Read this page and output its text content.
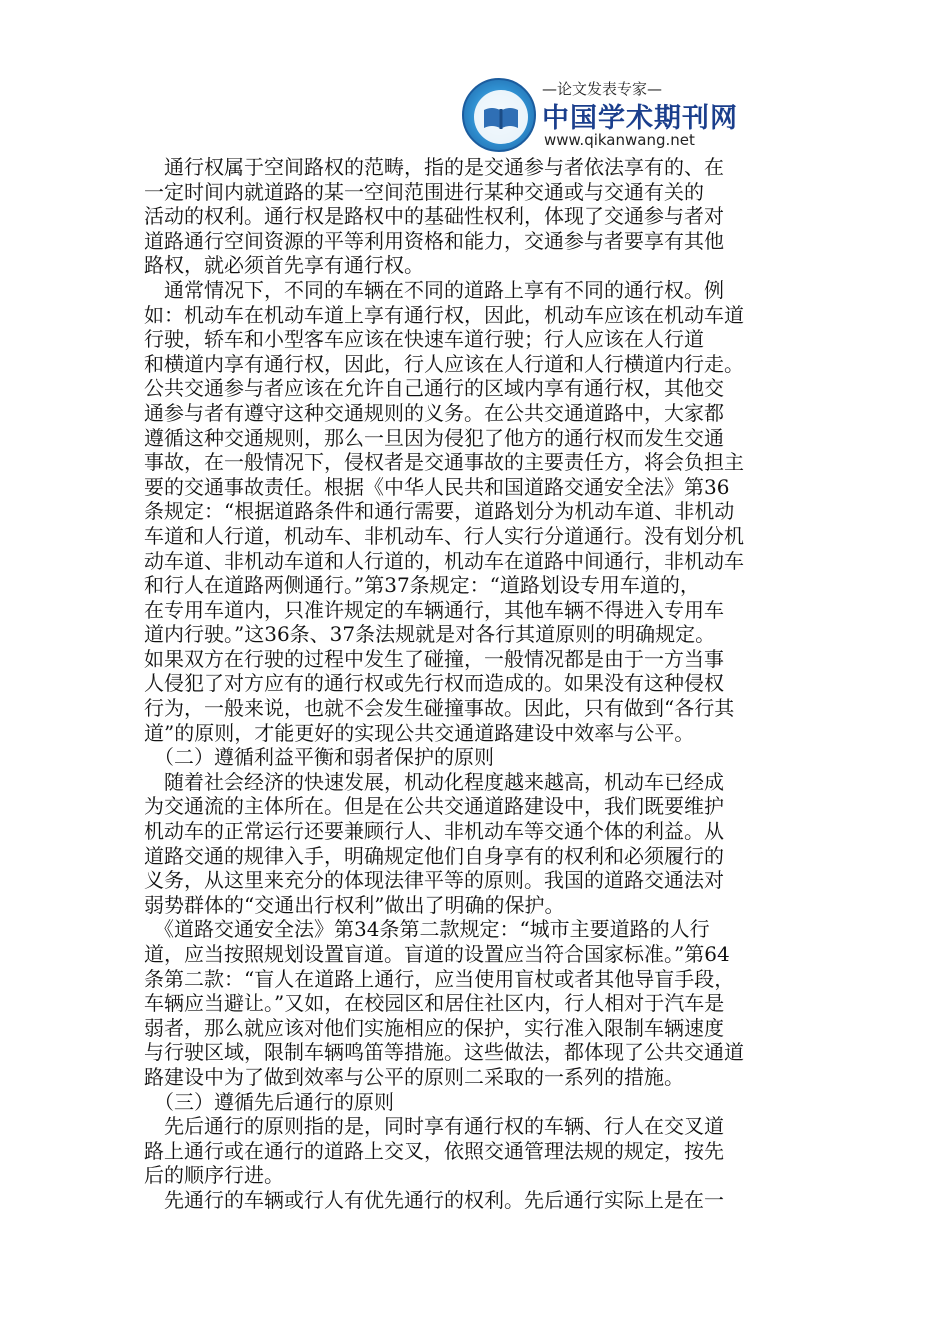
—论文发表专家—
中国学术期刊网
www.qikanwang.net
　通行权属于空间路权的范畴，指的是交通参与者依法享有的、在
一定时间内就道路的某一空间范围进行某种交通或与交通有关的
活动的权利。通行权是路权中的基础性权利，体现了交通参与者对
道路通行空间资源的平等利用资格和能力，交通参与者要享有其他
路权，就必须首先享有通行权。
　通常情况下，不同的车辆在不同的道路上享有不同的通行权。例
如：机动车在机动车道上享有通行权，因此，机动车应该在机动车道
行驶，轿车和小型客车应该在快速车道行驶；行人应该在人行道
和横道内享有通行权，因此，行人应该在人行道和人行横道内行走。
公共交通参与者应该在允许自己通行的区域内享有通行权，其他交
通参与者有遵守这种交通规则的义务。在公共交通道路中，大家都
遵循这种交通规则，那么一旦因为侵犯了他方的通行权而发生交通
事故，在一般情况下，侵权者是交通事故的主要责任方，将会负担主
要的交通事故责任。根据《中华人民共和国道路交通安全法》第36
条规定：“根据道路条件和通行需要，道路划分为机动车道、非机动
车道和人行道，机动车、非机动车、行人实行分道通行。没有划分机
动车道、非机动车道和人行道的，机动车在道路中间通行，非机动车
和行人在道路两侧通行。”第37条规定：“道路划设专用车道的，
在专用车道内，只准许规定的车辆通行，其他车辆不得进入专用车
道内行驶。”这36条、37条法规就是对各行其道原则的明确规定。
如果双方在行驶的过程中发生了碰撞，一般情况都是由于一方当事
人侵犯了对方应有的通行权或先行权而造成的。如果没有这种侵权
行为，一般来说，也就不会发生碰撞事故。因此，只有做到“各行其
道”的原则，才能更好的实现公共交通道路建设中效率与公平。
　（二）遵循利益平衡和弱者保护的原则
　随着社会经济的快速发展，机动化程度越来越高，机动车已经成
为交通流的主体所在。但是在公共交通道路建设中，我们既要维护
机动车的正常运行还要兼顾行人、非机动车等交通个体的利益。从
道路交通的规律入手，明确规定他们自身享有的权利和必须履行的
义务，从这里来充分的体现法律平等的原则。我国的道路交通法对
弱势群体的“交通出行权利”做出了明确的保护。
　《道路交通安全法》第34条第二款规定：“城市主要道路的人行
道，应当按照规划设置盲道。盲道的设置应当符合国家标准。”第64
条第二款：“盲人在道路上通行，应当使用盲杖或者其他导盲手段，
车辆应当避让。”又如，在校园区和居住社区内，行人相对于汽车是
弱者，那么就应该对他们实施相应的保护，实行准入限制车辆速度
与行驶区域，限制车辆鸣笛等措施。这些做法，都体现了公共交通道
路建设中为了做到效率与公平的原则二采取的一系列的措施。
　（三）遵循先后通行的原则
　先后通行的原则指的是，同时享有通行权的车辆、行人在交叉道
路上通行或在通行的道路上交叉，依照交通管理法规的规定，按先
后的顺序行进。
　先通行的车辆或行人有优先通行的权利。先后通行实际上是在一
